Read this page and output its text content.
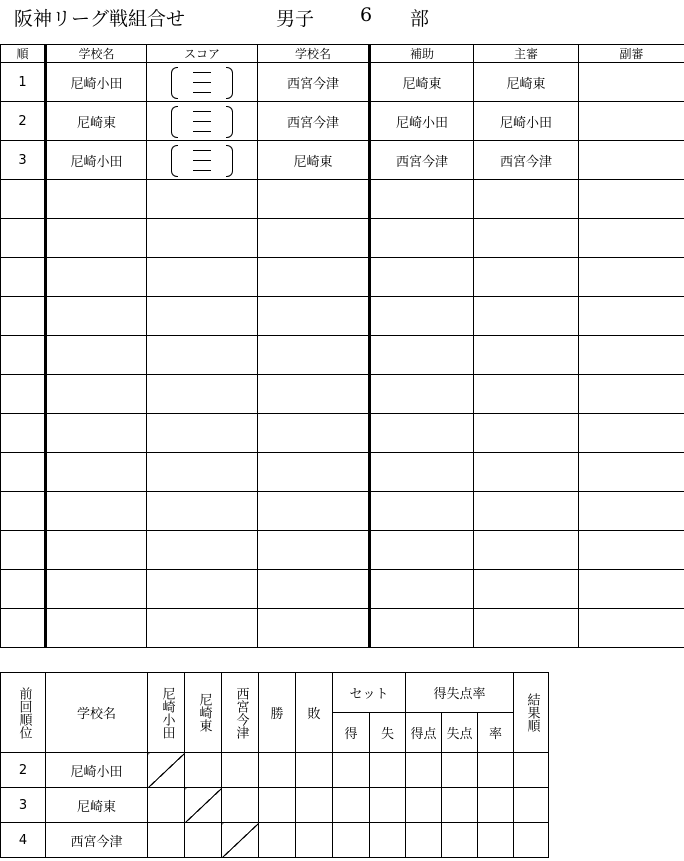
阪神リーグ戦組合せ	男子 6 部
順	学校名	スコア	学校名	補助	主審	副審
1	尼崎小田		西宮今津	尼崎東	尼崎東	
2	尼崎東		西宮今津	尼崎小田	尼崎小田	
3	尼崎小田		尼崎東	西宮今津	西宮今津	

前回順位	学校名	尼崎小田	尼崎東	西宮今津	勝	敗	セット		得失点率			結果順

							得	失	得点	失点	率	
2	尼崎小田											
3	尼崎東											
4	西宮今津											
